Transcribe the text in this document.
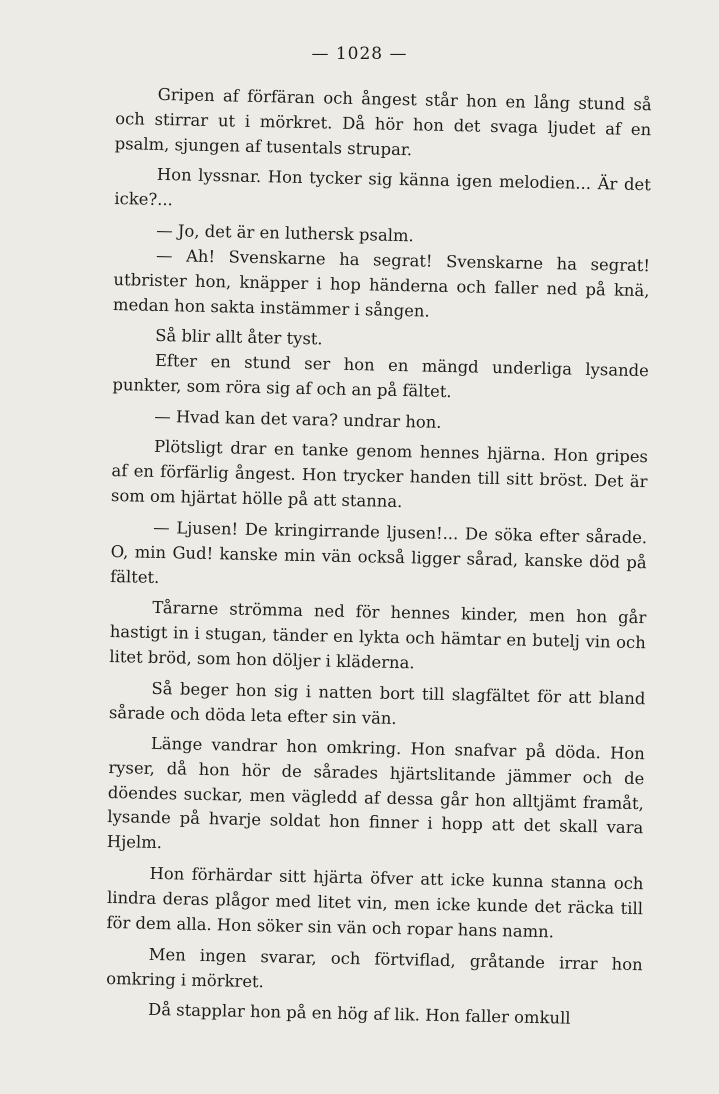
— 1028 —

Gripen af förfäran och ångest står hon en lång stund så och stirrar ut i mörkret. Då hör hon det svaga ljudet af en psalm, sjungen af tusentals strupar.

Hon lyssnar. Hon tycker sig känna igen melodien... Är det icke?...

— Jo, det är en luthersk psalm.

— Ah! Svenskarne ha segrat! Svenskarne ha segrat! utbrister hon, knäpper i hop händerna och faller ned på knä, medan hon sakta instämmer i sången.

Så blir allt åter tyst.

Efter en stund ser hon en mängd underliga lysande punkter, som röra sig af och an på fältet.

— Hvad kan det vara? undrar hon.

Plötsligt drar en tanke genom hennes hjärna. Hon gripes af en förfärlig ångest. Hon trycker handen till sitt bröst. Det är som om hjärtat hölle på att stanna.

— Ljusen! De kringirrande ljusen!... De söka efter sårade. O, min Gud! kanske min vän också ligger sårad, kanske död på fältet.

Tårarne strömma ned för hennes kinder, men hon går hastigt in i stugan, tänder en lykta och hämtar en butelj vin och litet bröd, som hon döljer i kläderna.

Så beger hon sig i natten bort till slagfältet för att bland sårade och döda leta efter sin vän.

Länge vandrar hon omkring. Hon snafvar på döda. Hon ryser, då hon hör de sårades hjärtslitande jämmer och de döendes suckar, men vägledd af dessa går hon alltjämt framåt, lysande på hvarje soldat hon finner i hopp att det skall vara Hjelm.

Hon förhärdar sitt hjärta öfver att icke kunna stanna och lindra deras plågor med litet vin, men icke kunde det räcka till för dem alla. Hon söker sin vän och ropar hans namn.

Men ingen svarar, och förtviflad, gråtande irrar hon omkring i mörkret.

Då stapplar hon på en hög af lik. Hon faller omkull
